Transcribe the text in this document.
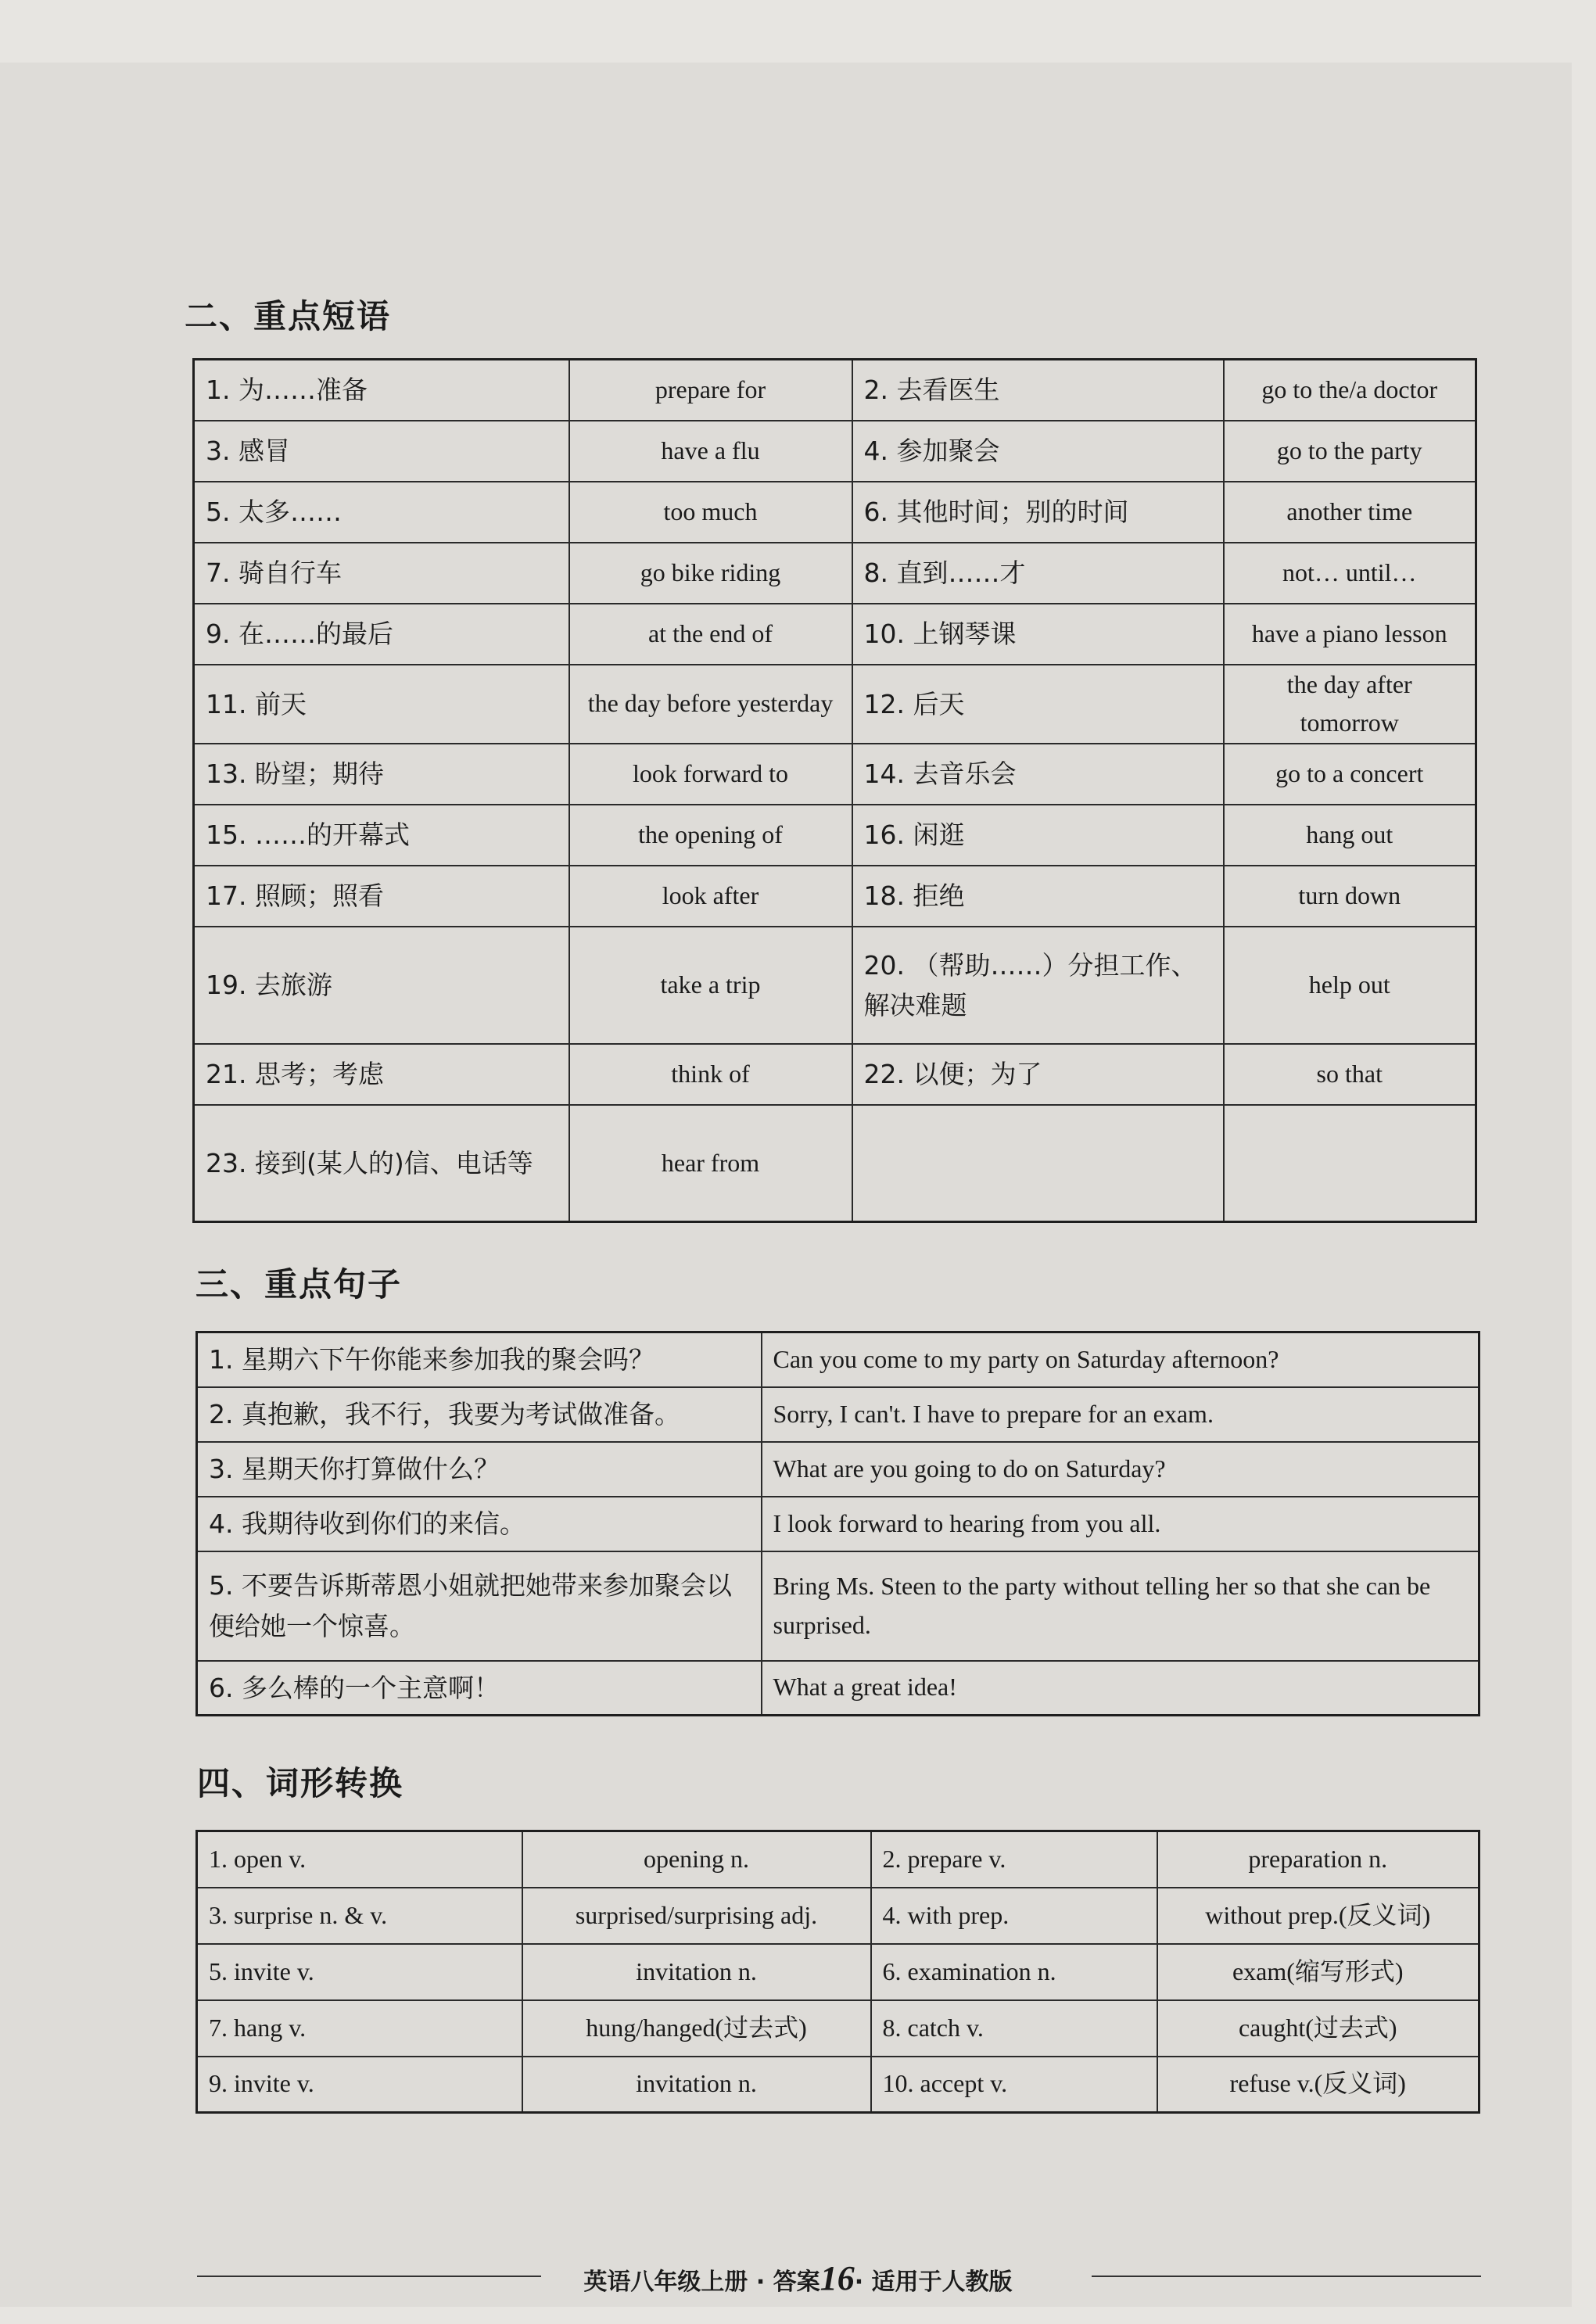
二、重点短语
1. 为……准备	prepare for	2. 去看医生	go to the/a doctor
3. 感冒	have a flu	4. 参加聚会	go to the party
5. 太多……	too much	6. 其他时间；别的时间	another time
7. 骑自行车	go bike riding	8. 直到……才	not… until…
9. 在……的最后	at the end of	10. 上钢琴课	have a piano lesson
11. 前天	the day before yesterday	12. 后天	the day after tomorrow
13. 盼望；期待	look forward to	14. 去音乐会	go to a concert
15. ……的开幕式	the opening of	16. 闲逛	hang out
17. 照顾；照看	look after	18. 拒绝	turn down
19. 去旅游	take a trip	20. （帮助……）分担工作、解决难题	help out
21. 思考；考虑	think of	22. 以便；为了	so that
23. 接到(某人的)信、电话等	hear from		
三、重点句子
1. 星期六下午你能来参加我的聚会吗？	Can you come to my party on Saturday afternoon?
2. 真抱歉，我不行，我要为考试做准备。	Sorry, I can't. I have to prepare for an exam.
3. 星期天你打算做什么？	What are you going to do on Saturday?
4. 我期待收到你们的来信。	I look forward to hearing from you all.
5. 不要告诉斯蒂恩小姐就把她带来参加聚会以便给她一个惊喜。	Bring Ms. Steen to the party without telling her so that she can be surprised.
6. 多么棒的一个主意啊！	What a great idea!
四、词形转换
1. open v.	opening n.	2. prepare v.	preparation n.
3. surprise n. & v.	surprised/surprising adj.	4. with prep.	without prep.(反义词)
5. invite v.	invitation n.	6. examination n.	exam(缩写形式)
7. hang v.	hung/hanged(过去式)	8. catch v.	caught(过去式)
9. invite v.	invitation n.	10. accept v.	refuse v.(反义词)
英语八年级上册 · 答案16· 适用于人教版
